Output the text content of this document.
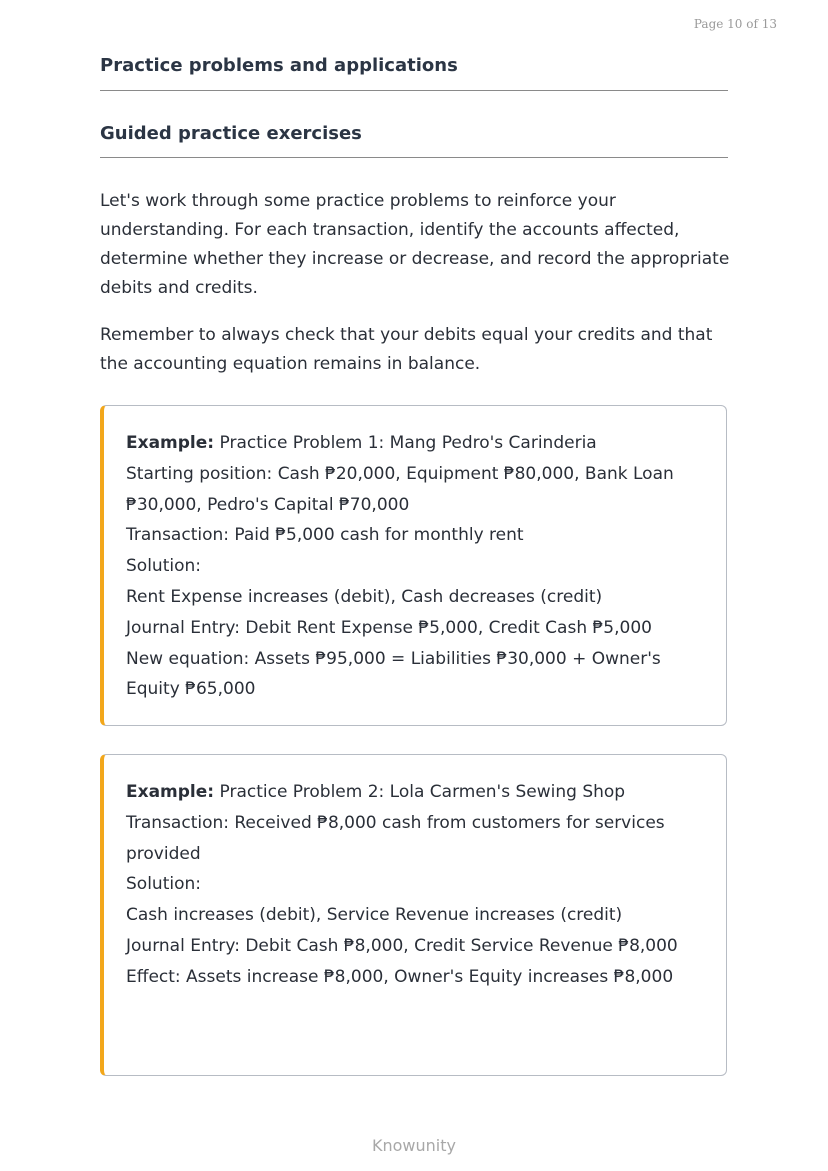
Page 10 of 13
Practice problems and applications
Guided practice exercises

Let's work through some practice problems to reinforce your understanding. For each transaction, identify the accounts affected, determine whether they increase or decrease, and record the appropriate debits and credits.

Remember to always check that your debits equal your credits and that the accounting equation remains in balance.

Example: Practice Problem 1: Mang Pedro's Carinderia
Starting position: Cash ₱20,000, Equipment ₱80,000, Bank Loan ₱30,000, Pedro's Capital ₱70,000
Transaction: Paid ₱5,000 cash for monthly rent
Solution:
Rent Expense increases (debit), Cash decreases (credit)
Journal Entry: Debit Rent Expense ₱5,000, Credit Cash ₱5,000
New equation: Assets ₱95,000 = Liabilities ₱30,000 + Owner's Equity ₱65,000
Example: Practice Problem 2: Lola Carmen's Sewing Shop
Transaction: Received ₱8,000 cash from customers for services provided
Solution:
Cash increases (debit), Service Revenue increases (credit)
Journal Entry: Debit Cash ₱8,000, Credit Service Revenue ₱8,000
Effect: Assets increase ₱8,000, Owner's Equity increases ₱8,000
Knowunity
